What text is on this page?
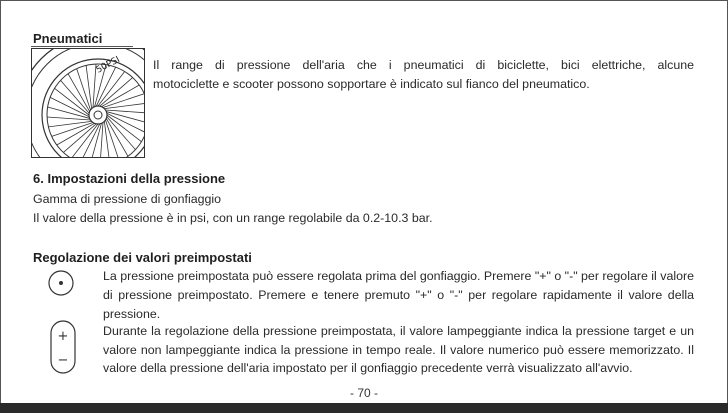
Pneumatici
50PSI	Il range di pressione dell'aria che i pneumatici di biciclette, bici elettriche, alcune
motociclette e scooter possono sopportare è indicato sul fianco del pneumatico.
6. Impostazioni della pressione
Gamma di pressione di gonfiaggio
Il valore della pressione è in psi, con un range regolabile da 0.2-10.3 bar.
Regolazione dei valori preimpostati
La pressione preimpostata può essere regolata prima del gonfiaggio. Premere "+" o "-" per regolare il valore
di pressione preimpostato. Premere e tenere premuto "+" o "-" per regolare rapidamente il valore della
pressione.
+
−
Durante la regolazione della pressione preimpostata, il valore lampeggiante indica la pressione target e un
valore non lampeggiante indica la pressione in tempo reale. Il valore numerico può essere memorizzato. Il
valore della pressione dell'aria impostato per il gonfiaggio precedente verrà visualizzato all'avvio.
- 70 -
